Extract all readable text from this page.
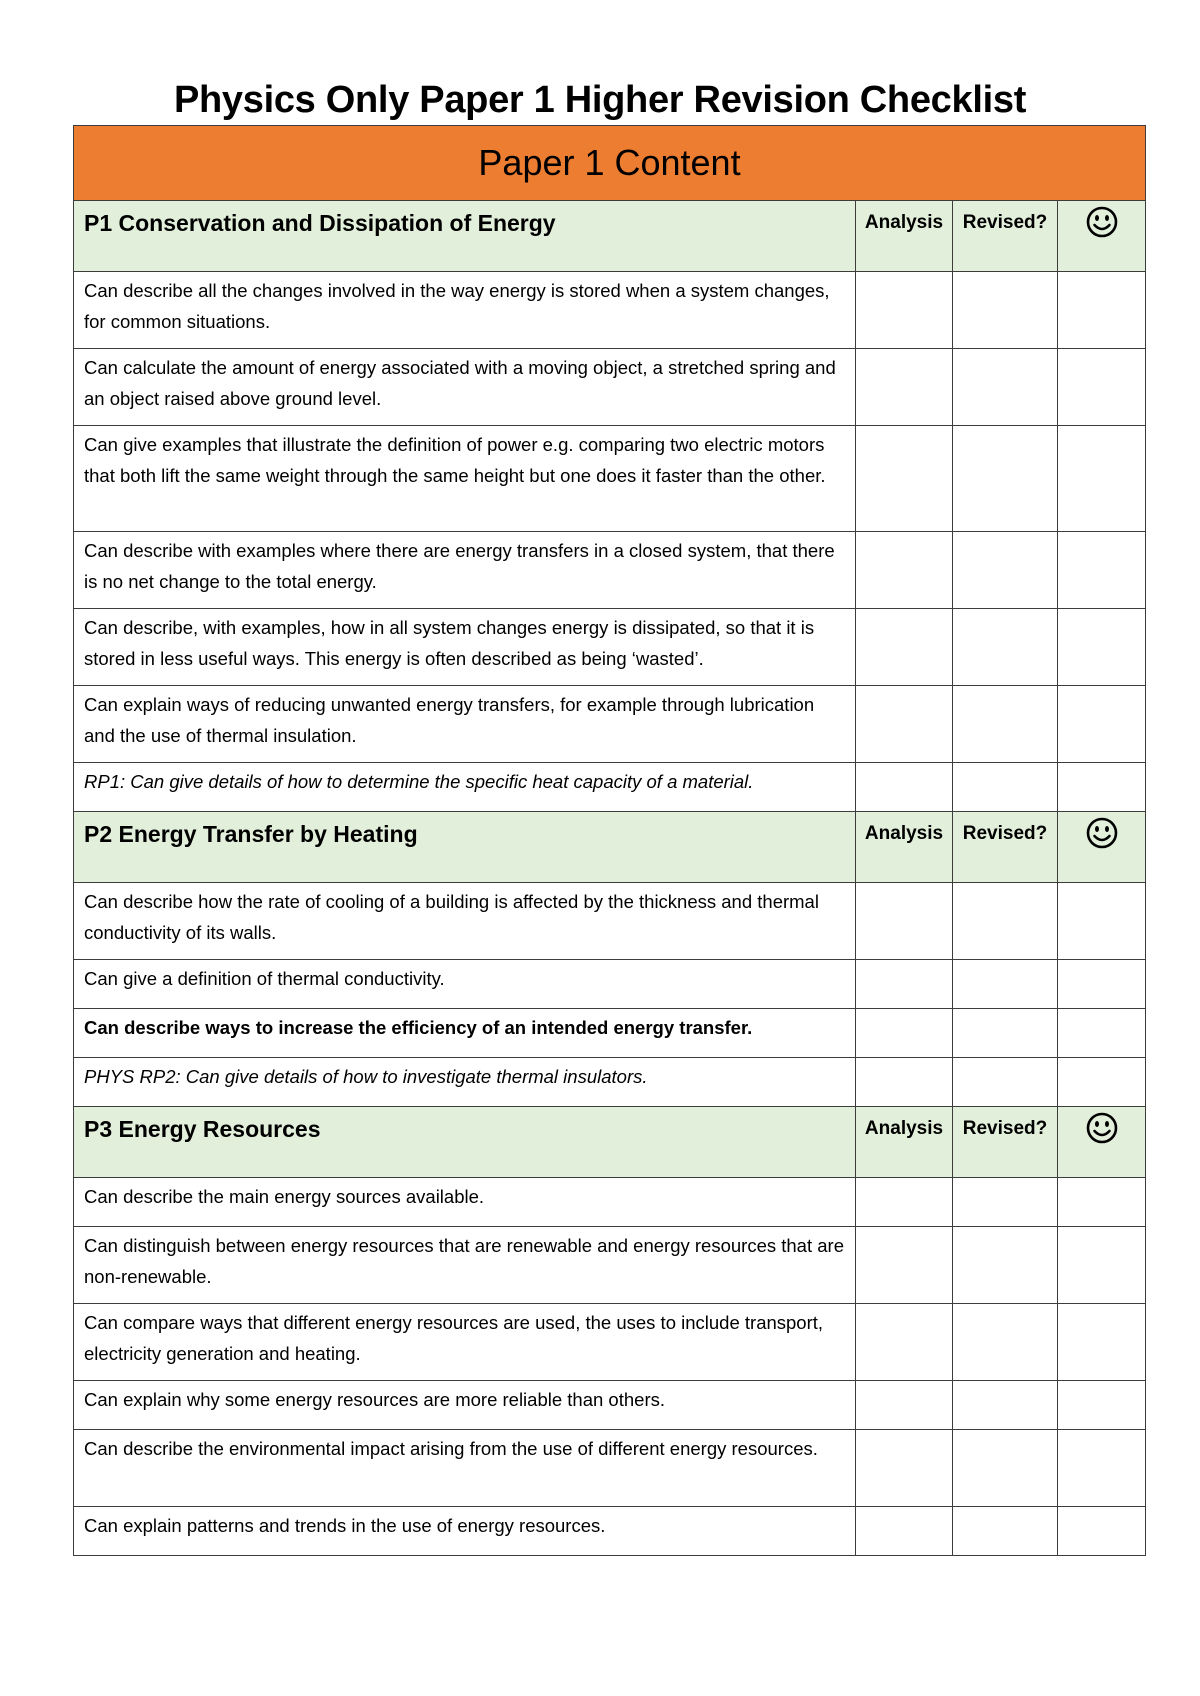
Physics Only Paper 1 Higher Revision Checklist
Paper 1 Content			
P1 Conservation and Dissipation of Energy	Analysis	Revised?	
Can describe all the changes involved in the way energy is stored when a system changes, for common situations.			
Can calculate the amount of energy associated with a moving object, a stretched spring and an object raised above ground level.			
Can give examples that illustrate the definition of power e.g. comparing two electric motors that both lift the same weight through the same height but one does it faster than the other.			
Can describe with examples where there are energy transfers in a closed system, that there is no net change to the total energy.			
Can describe, with examples, how in all system changes energy is dissipated, so that it is stored in less useful ways. This energy is often described as being ‘wasted’.			
Can explain ways of reducing unwanted energy transfers, for example through lubrication and the use of thermal insulation.			
RP1: Can give details of how to determine the specific heat capacity of a material.			
P2 Energy Transfer by Heating	Analysis	Revised?	
Can describe how the rate of cooling of a building is affected by the thickness and thermal conductivity of its walls.			
Can give a definition of thermal conductivity.			
Can describe ways to increase the efficiency of an intended energy transfer.			
PHYS RP2: Can give details of how to investigate thermal insulators.			
P3 Energy Resources	Analysis	Revised?	
Can describe the main energy sources available.			
Can distinguish between energy resources that are renewable and energy resources that are non-renewable.			
Can compare ways that different energy resources are used, the uses to include transport, electricity generation and heating.			
Can explain why some energy resources are more reliable than others.			
Can describe the environmental impact arising from the use of different energy resources.			
Can explain patterns and trends in the use of energy resources.			
